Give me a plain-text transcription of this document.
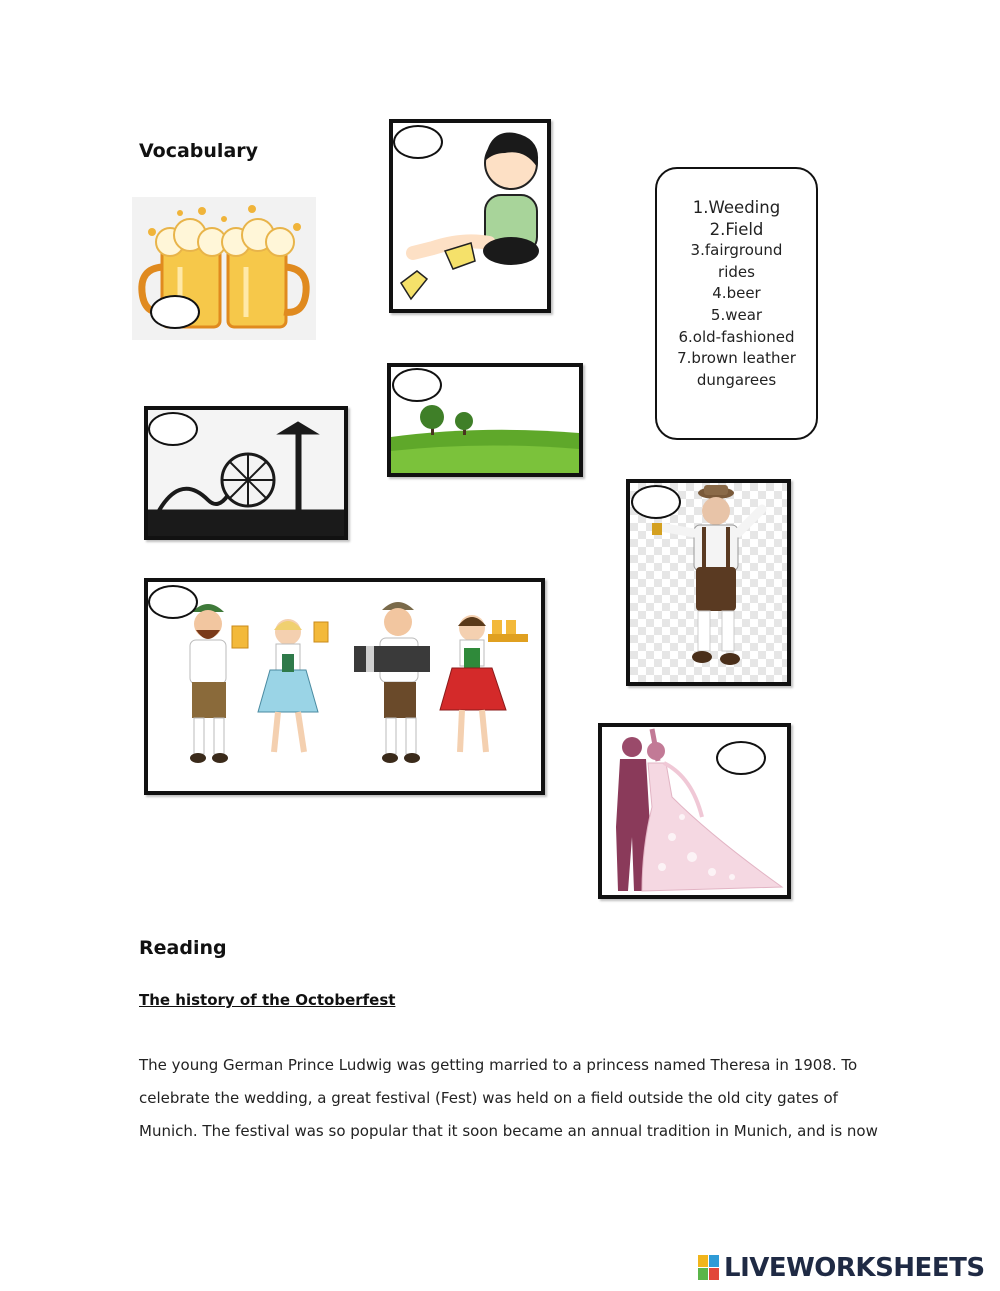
Vocabulary
1.Weeding
2.Field
3.fairground
rides
4.beer
5.wear
6.old-fashioned
7.brown leather
dungarees
Reading
The history of the Octoberfest
The young German Prince Ludwig was getting married to a princess named Theresa in 1908. To
celebrate the wedding, a great festival (Fest) was held on a field outside the old city gates of
Munich. The festival was so popular that it soon became an annual tradition in Munich, and is now
LIVEWORKSHEETS
